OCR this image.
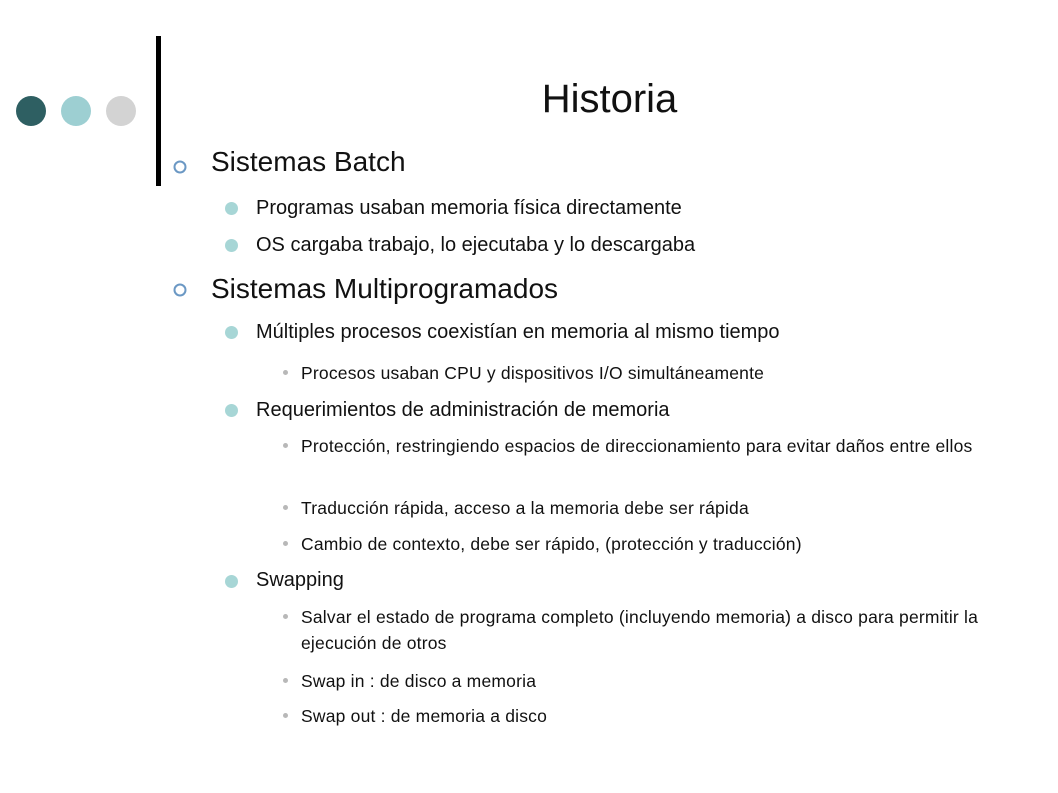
Historia
Sistemas Batch
Programas usaban memoria física directamente
OS cargaba trabajo, lo ejecutaba y lo descargaba
Sistemas Multiprogramados
Múltiples procesos coexistían en memoria al mismo tiempo
Procesos usaban CPU y dispositivos I/O simultáneamente
Requerimientos de administración de memoria
Protección, restringiendo espacios de direccionamiento para evitar daños entre ellos
Traducción rápida, acceso a la memoria debe ser rápida
Cambio de contexto, debe ser rápido, (protección y traducción)
Swapping
Salvar el estado de programa completo (incluyendo memoria) a disco para permitir la ejecución de otros
Swap in : de disco a memoria
Swap out : de memoria a disco
